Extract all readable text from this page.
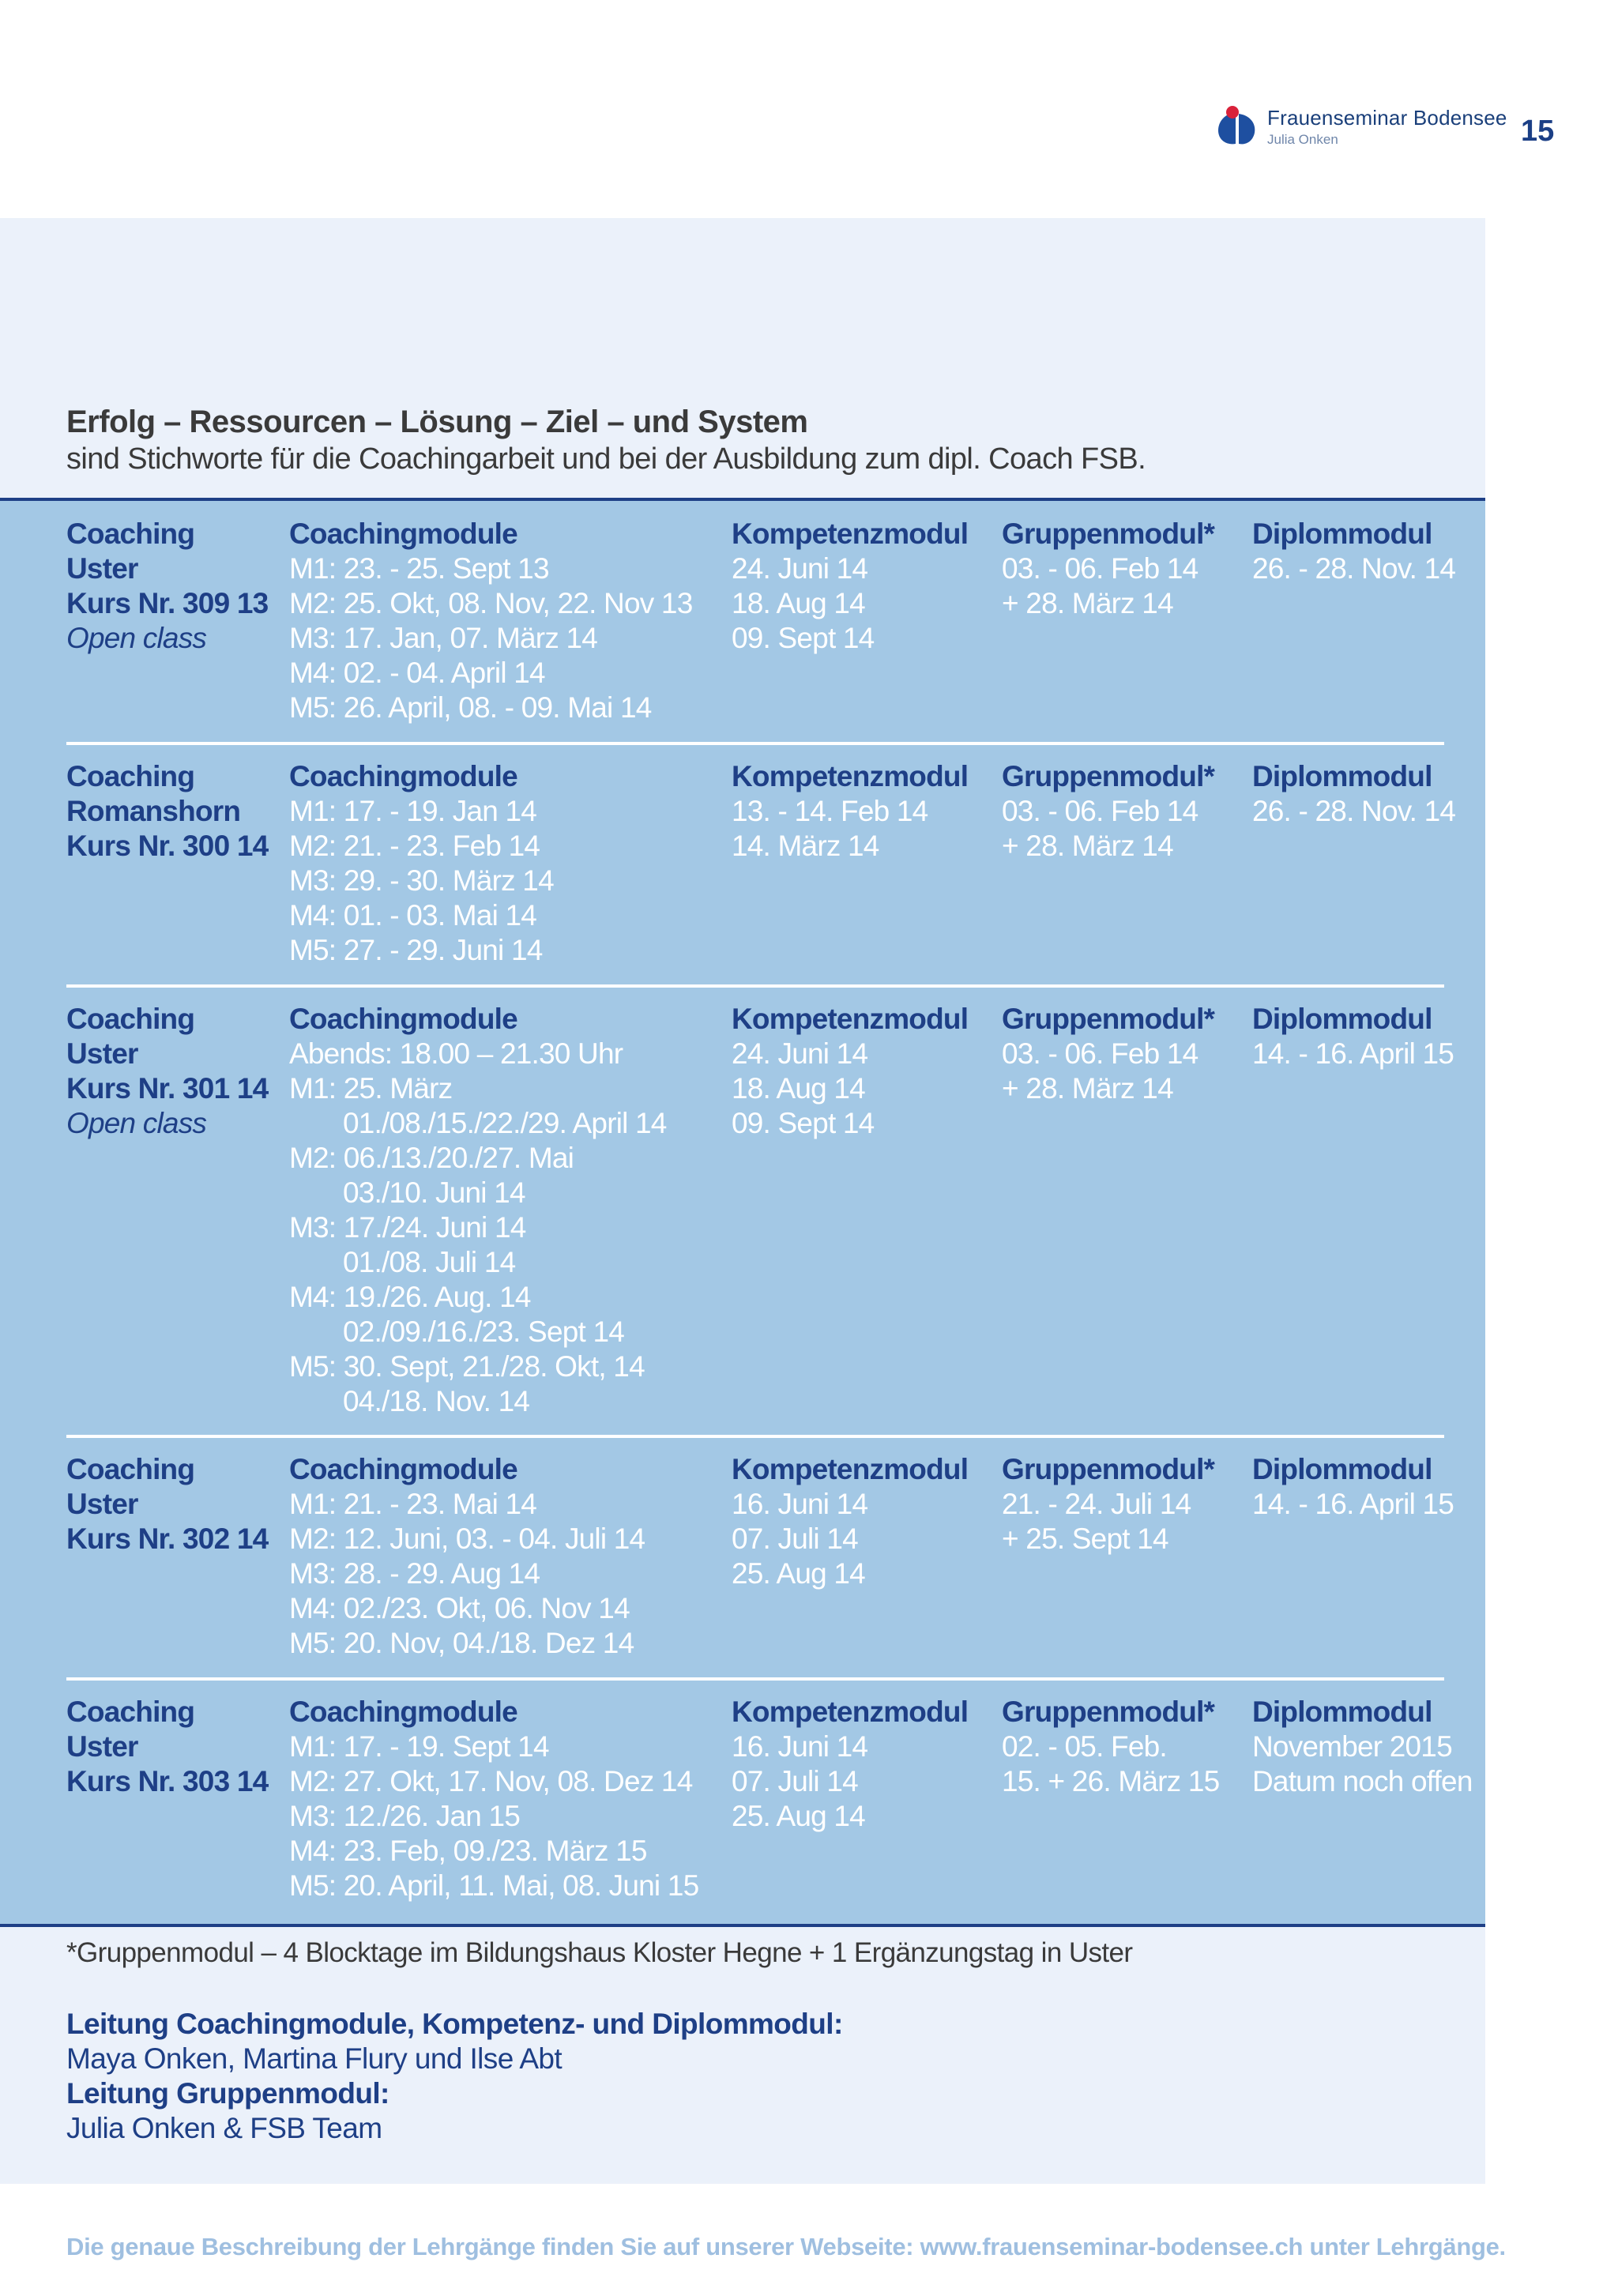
Frauenseminar Bodensee
Julia Onken	15
Erfolg – Ressourcen – Lösung – Ziel – und System
sind Stichworte für die Coachingarbeit und bei der Ausbildung zum dipl. Coach FSB.
Coaching
Uster
Kurs Nr. 309 13
Open class
Coachingmodule
M1: 23. - 25. Sept 13
M2: 25. Okt, 08. Nov, 22. Nov 13
M3: 17. Jan, 07. März 14
M4: 02. - 04. April 14
M5: 26. April, 08. - 09. Mai 14
Kompetenzmodul
24. Juni 14
18. Aug 14
09. Sept 14
Gruppenmodul*
03. - 06. Feb 14
+ 28. März 14
Diplommodul
26. - 28. Nov. 14
Coaching
Romanshorn
Kurs Nr. 300 14
Coachingmodule
M1: 17. - 19. Jan 14
M2: 21. - 23. Feb 14
M3: 29. - 30. März 14
M4: 01. - 03. Mai 14
M5: 27. - 29. Juni 14
Kompetenzmodul
13. - 14. Feb 14
14. März 14
Gruppenmodul*
03. - 06. Feb 14
+ 28. März 14
Diplommodul
26. - 28. Nov. 14
Coaching
Uster
Kurs Nr. 301 14
Open class
Coachingmodule
Abends: 18.00 – 21.30 Uhr
M1: 25. März
01./08./15./22./29. April 14
M2: 06./13./20./27. Mai
03./10. Juni 14
M3: 17./24. Juni 14
01./08. Juli 14
M4: 19./26. Aug. 14
02./09./16./23. Sept 14
M5: 30. Sept, 21./28. Okt, 14
04./18. Nov. 14
Kompetenzmodul
24. Juni 14
18. Aug 14
09. Sept 14
Gruppenmodul*
03. - 06. Feb 14
+ 28. März 14
Diplommodul
14. - 16. April 15
Coaching
Uster
Kurs Nr. 302 14
Coachingmodule
M1: 21. - 23. Mai 14
M2: 12. Juni, 03. - 04. Juli 14
M3: 28. - 29. Aug 14
M4: 02./23. Okt, 06. Nov 14
M5: 20. Nov, 04./18. Dez 14
Kompetenzmodul
16. Juni 14
07. Juli 14
25. Aug 14
Gruppenmodul*
21. - 24. Juli 14
+ 25. Sept 14
Diplommodul
14. - 16. April 15
Coaching
Uster
Kurs Nr. 303 14
Coachingmodule
M1: 17. - 19. Sept 14
M2: 27. Okt, 17. Nov, 08. Dez 14
M3: 12./26. Jan 15
M4: 23. Feb, 09./23. März 15
M5: 20. April, 11. Mai, 08. Juni 15
Kompetenzmodul
16. Juni 14
07. Juli 14
25. Aug 14
Gruppenmodul*
02. - 05. Feb.
15. + 26. März 15
Diplommodul
November 2015
Datum noch offen
*Gruppenmodul – 4 Blocktage im Bildungshaus Kloster Hegne + 1 Ergänzungstag in Uster
Leitung Coachingmodule, Kompetenz- und Diplommodul:
Maya Onken, Martina Flury und Ilse Abt
Leitung Gruppenmodul:
Julia Onken & FSB Team
Die genaue Beschreibung der Lehrgänge finden Sie auf unserer Webseite: www.frauenseminar-bodensee.ch unter Lehrgänge.
